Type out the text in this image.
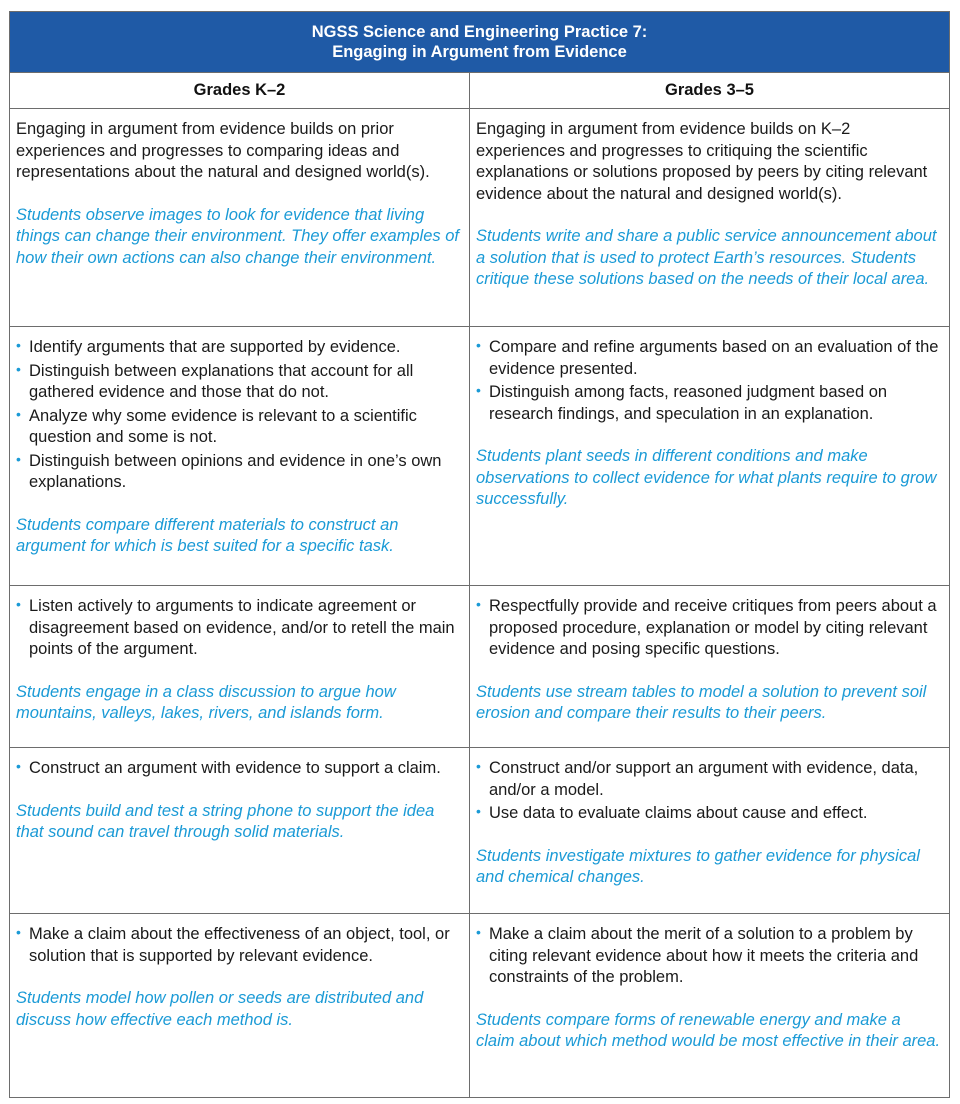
NGSS Science and Engineering Practice 7:
Engaging in Argument from Evidence
Grades K–2	Grades 3–5

Engaging in argument from evidence builds on prior experiences and progresses to comparing ideas and representations about the natural and designed world(s).

Students observe images to look for evidence that living things can change their environment. They offer examples of how their own actions can also change their environment.

Engaging in argument from evidence builds on K–2 experiences and progresses to critiquing the scientific explanations or solutions proposed by peers by citing relevant evidence about the natural and designed world(s).

Students write and share a public service announcement about a solution that is used to protect Earth’s resources. Students critique these solutions based on the needs of their local area.

• Identify arguments that are supported by evidence.
• Distinguish between explanations that account for all gathered evidence and those that do not.
• Analyze why some evidence is relevant to a scientific question and some is not.
• Distinguish between opinions and evidence in one’s own explanations.

Students compare different materials to construct an argument for which is best suited for a specific task.

• Compare and refine arguments based on an evaluation of the evidence presented.
• Distinguish among facts, reasoned judgment based on research findings, and speculation in an explanation.

Students plant seeds in different conditions and make observations to collect evidence for what plants require to grow successfully.

• Listen actively to arguments to indicate agreement or disagreement based on evidence, and/or to retell the main points of the argument.

Students engage in a class discussion to argue how mountains, valleys, lakes, rivers, and islands form.

• Respectfully provide and receive critiques from peers about a proposed procedure, explanation or model by citing relevant evidence and posing specific questions.

Students use stream tables to model a solution to prevent soil erosion and compare their results to their peers.

• Construct an argument with evidence to support a claim.

Students build and test a string phone to support the idea that sound can travel through solid materials.

• Construct and/or support an argument with evidence, data, and/or a model.
• Use data to evaluate claims about cause and effect.

Students investigate mixtures to gather evidence for physical and chemical changes.

• Make a claim about the effectiveness of an object, tool, or solution that is supported by relevant evidence.

Students model how pollen or seeds are distributed and discuss how effective each method is.

• Make a claim about the merit of a solution to a problem by citing relevant evidence about how it meets the criteria and constraints of the problem.

Students compare forms of renewable energy and make a claim about which method would be most effective in their area.
